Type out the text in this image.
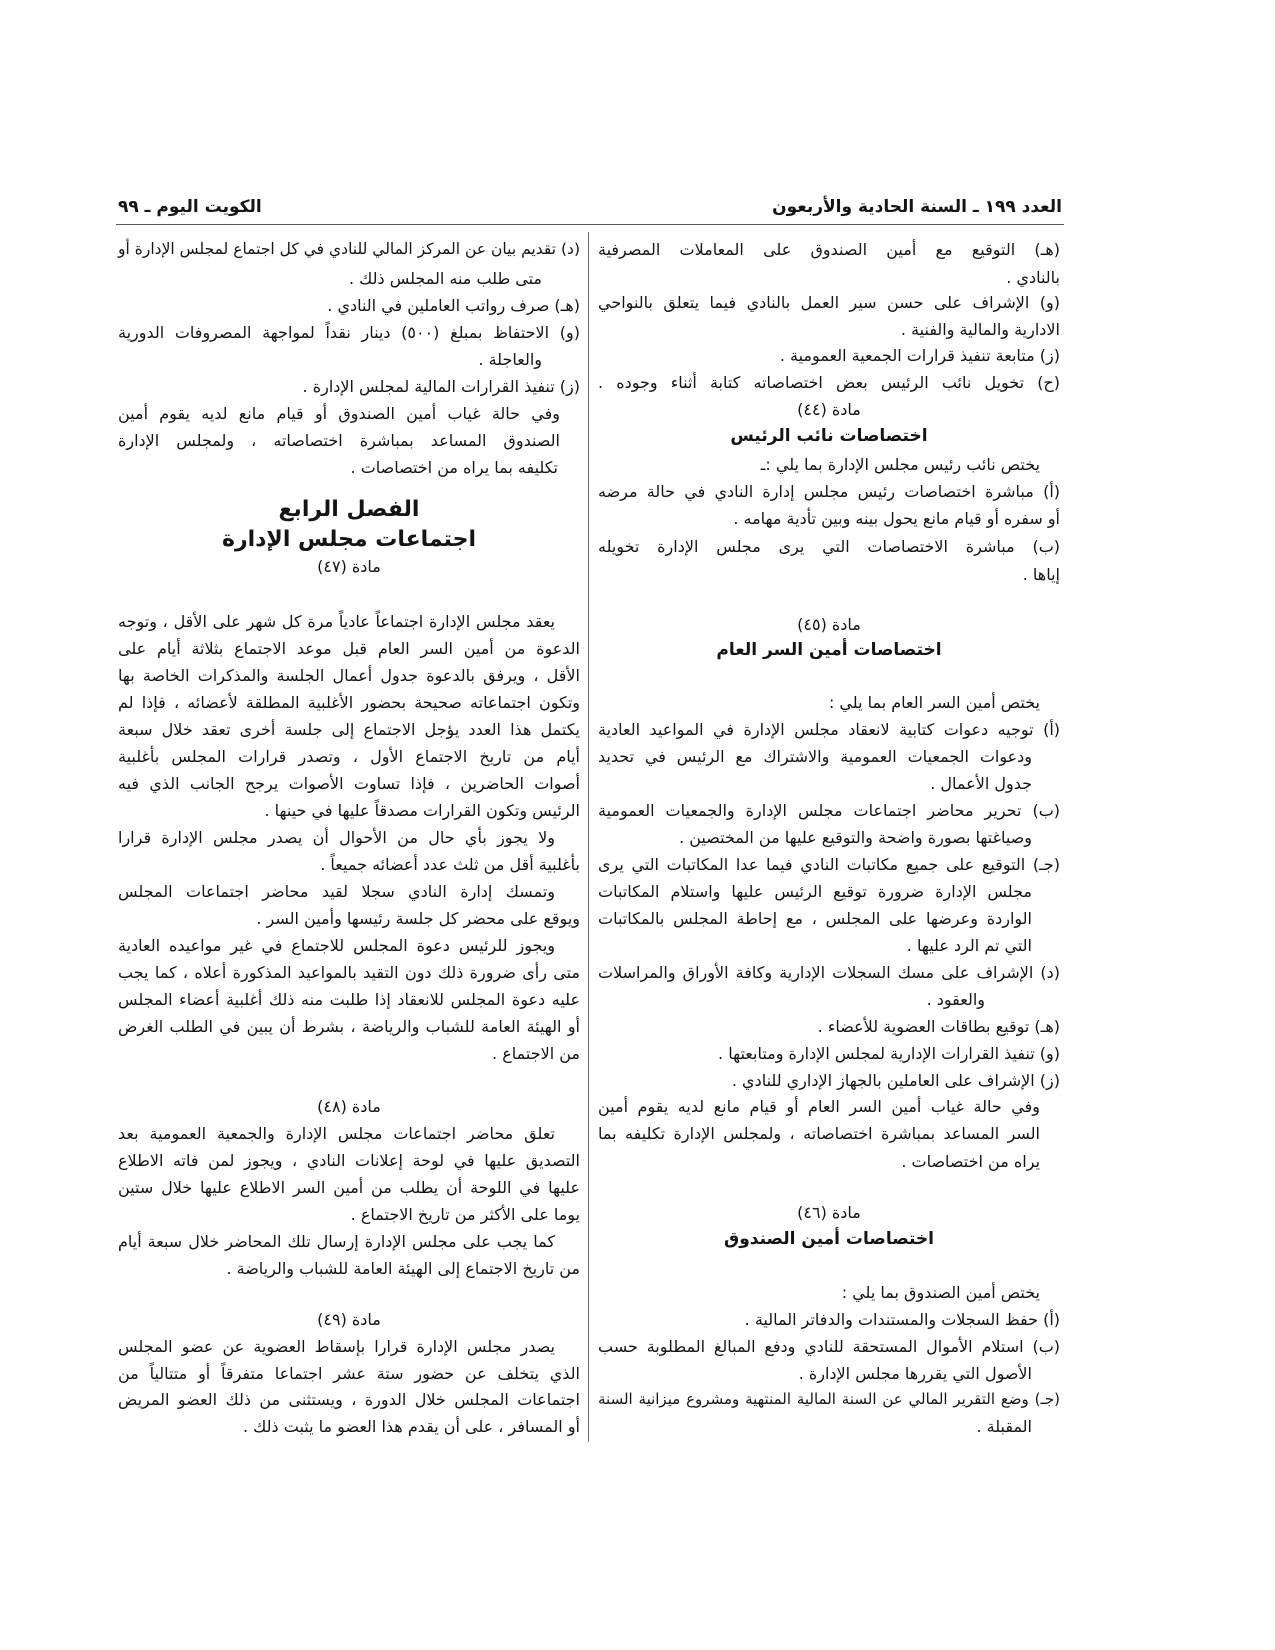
العدد ١٩٩ ـ السنة الحادية والأربعون
الكويت اليوم ـ ٩٩
(هـ) التوقيع مع أمين الصندوق على المعاملات المصرفية
بالنادي .
(و) الإشراف على حسن سير العمل بالنادي فيما يتعلق بالنواحي
الادارية والمالية والفنية .
(ز) متابعة تنفيذ قرارات الجمعية العمومية .
(ح) تخويل نائب الرئيس بعض اختصاصاته كتابة أثناء وجوده .
مادة (٤٤)
اختصاصات نائب الرئيس
يختص نائب رئيس مجلس الإدارة بما يلي :ـ
(أ) مباشرة اختصاصات رئيس مجلس إدارة النادي في حالة مرضه
أو سفره أو قيام مانع يحول بينه وبين تأدية مهامه .
(ب) مباشرة الاختصاصات التي يرى مجلس الإدارة تخويله
إياها .
مادة (٤٥)
اختصاصات أمين السر العام
يختص أمين السر العام بما يلي :
(أ) توجيه دعوات كتابية لانعقاد مجلس الإدارة في المواعيد العادية
ودعوات الجمعيات العمومية والاشتراك مع الرئيس في تحديد
جدول الأعمال .
(ب) تحرير محاضر اجتماعات مجلس الإدارة والجمعيات العمومية
وصياغتها بصورة واضحة والتوقيع عليها من المختصين .
(جـ) التوقيع على جميع مكاتبات النادي فيما عدا المكاتبات التي يرى
مجلس الإدارة ضرورة توقيع الرئيس عليها واستلام المكاتبات
الواردة وعرضها على المجلس ، مع إحاطة المجلس بالمكاتبات
التي تم الرد عليها .
(د) الإشراف على مسك السجلات الإدارية وكافة الأوراق والمراسلات
والعقود .
(هـ) توقيع بطاقات العضوية للأعضاء .
(و) تنفيذ القرارات الإدارية لمجلس الإدارة ومتابعتها .
(ز) الإشراف على العاملين بالجهاز الإداري للنادي .
وفي حالة غياب أمين السر العام أو قيام مانع لديه يقوم أمين
السر المساعد بمباشرة اختصاصاته ، ولمجلس الإدارة تكليفه بما
يراه من اختصاصات .
مادة (٤٦)
اختصاصات أمين الصندوق
يختص أمين الصندوق بما يلي :
(أ) حفظ السجلات والمستندات والدفاتر المالية .
(ب) استلام الأموال المستحقة للنادي ودفع المبالغ المطلوبة حسب
الأصول التي يقررها مجلس الإدارة .
(جـ) وضع التقرير المالي عن السنة المالية المنتهية ومشروع ميزانية السنة
المقبلة .
(د) تقديم بيان عن المركز المالي للنادي في كل اجتماع لمجلس الإدارة أو
متى طلب منه المجلس ذلك .
(هـ) صرف رواتب العاملين في النادي .
(و) الاحتفاظ بمبلغ (٥٠٠) دينار نقداً لمواجهة المصروفات الدورية
والعاجلة .
(ز) تنفيذ القرارات المالية لمجلس الإدارة .
وفي حالة غياب أمين الصندوق أو قيام مانع لديه يقوم أمين
الصندوق المساعد بمباشرة اختصاصاته ، ولمجلس الإدارة
تكليفه بما يراه من اختصاصات .
الفصل الرابع
اجتماعات مجلس الإدارة
مادة (٤٧)
يعقد مجلس الإدارة اجتماعاً عادياً مرة كل شهر على الأقل ، وتوجه
الدعوة من أمين السر العام قبل موعد الاجتماع بثلاثة أيام على
الأقل ، ويرفق بالدعوة جدول أعمال الجلسة والمذكرات الخاصة بها
وتكون اجتماعاته صحيحة بحضور الأغلبية المطلقة لأعضائه ، فإذا لم
يكتمل هذا العدد يؤجل الاجتماع إلى جلسة أخرى تعقد خلال سبعة
أيام من تاريخ الاجتماع الأول ، وتصدر قرارات المجلس بأغلبية
أصوات الحاضرين ، فإذا تساوت الأصوات يرجح الجانب الذي فيه
الرئيس وتكون القرارات مصدقاً عليها في حينها .
ولا يجوز بأي حال من الأحوال أن يصدر مجلس الإدارة قرارا
بأغلبية أقل من ثلث عدد أعضائه جميعاً .
وتمسك إدارة النادي سجلا لقيد محاضر اجتماعات المجلس
ويوقع على محضر كل جلسة رئيسها وأمين السر .
ويجوز للرئيس دعوة المجلس للاجتماع في غير مواعيده العادية
متى رأى ضرورة ذلك دون التقيد بالمواعيد المذكورة أعلاه ، كما يجب
عليه دعوة المجلس للانعقاد إذا طلبت منه ذلك أغلبية أعضاء المجلس
أو الهيئة العامة للشباب والرياضة ، بشرط أن يبين في الطلب الغرض
من الاجتماع .
مادة (٤٨)
تعلق محاضر اجتماعات مجلس الإدارة والجمعية العمومية بعد
التصديق عليها في لوحة إعلانات النادي ، ويجوز لمن فاته الاطلاع
عليها في اللوحة أن يطلب من أمين السر الاطلاع عليها خلال ستين
يوما على الأكثر من تاريخ الاجتماع .
كما يجب على مجلس الإدارة إرسال تلك المحاضر خلال سبعة أيام
من تاريخ الاجتماع إلى الهيئة العامة للشباب والرياضة .
مادة (٤٩)
يصدر مجلس الإدارة قرارا بإسقاط العضوية عن عضو المجلس
الذي يتخلف عن حضور ستة عشر اجتماعا متفرقاً أو متتالياً من
اجتماعات المجلس خلال الدورة ، ويستثنى من ذلك العضو المريض
أو المسافر ، على أن يقدم هذا العضو ما يثبت ذلك .
